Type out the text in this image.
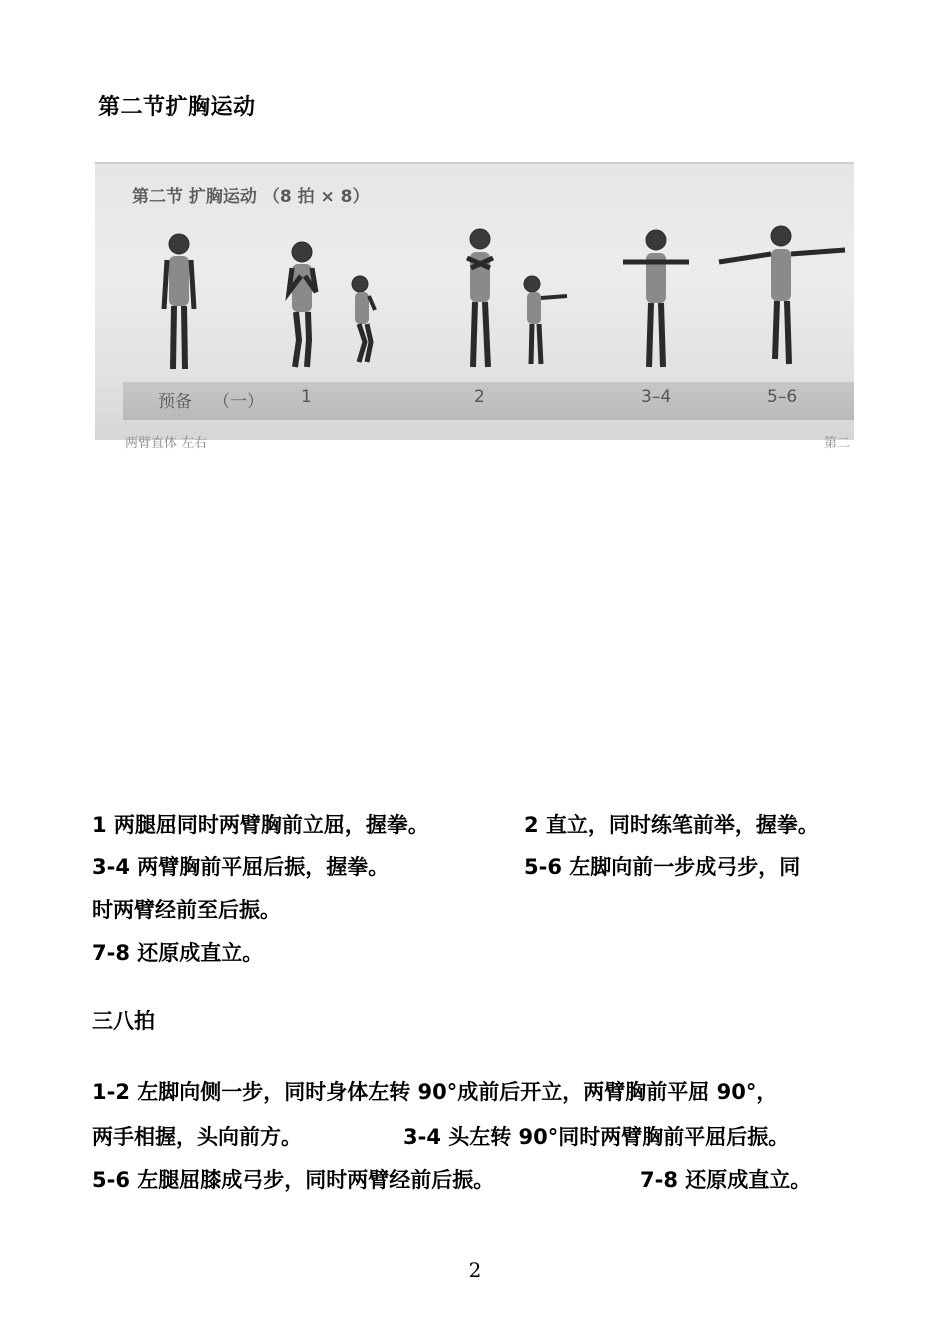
第二节扩胸运动
第二节 扩胸运动 （8 拍 × 8）
预备 （一） 1	2	3–4	5–6
两臂直体 左右	第二
1 两腿屈同时两臂胸前立屈，握拳。	2 直立，同时练笔前举，握拳。
3-4 两臂胸前平屈后振，握拳。	5-6 左脚向前一步成弓步，同
时两臂经前至后振。
7-8 还原成直立。
三八拍
1-2 左脚向侧一步，同时身体左转 90°成前后开立，两臂胸前平屈 90°，
两手相握，头向前方。	3-4 头左转 90°同时两臂胸前平屈后振。
5-6 左腿屈膝成弓步，同时两臂经前后振。	7-8 还原成直立。
2
